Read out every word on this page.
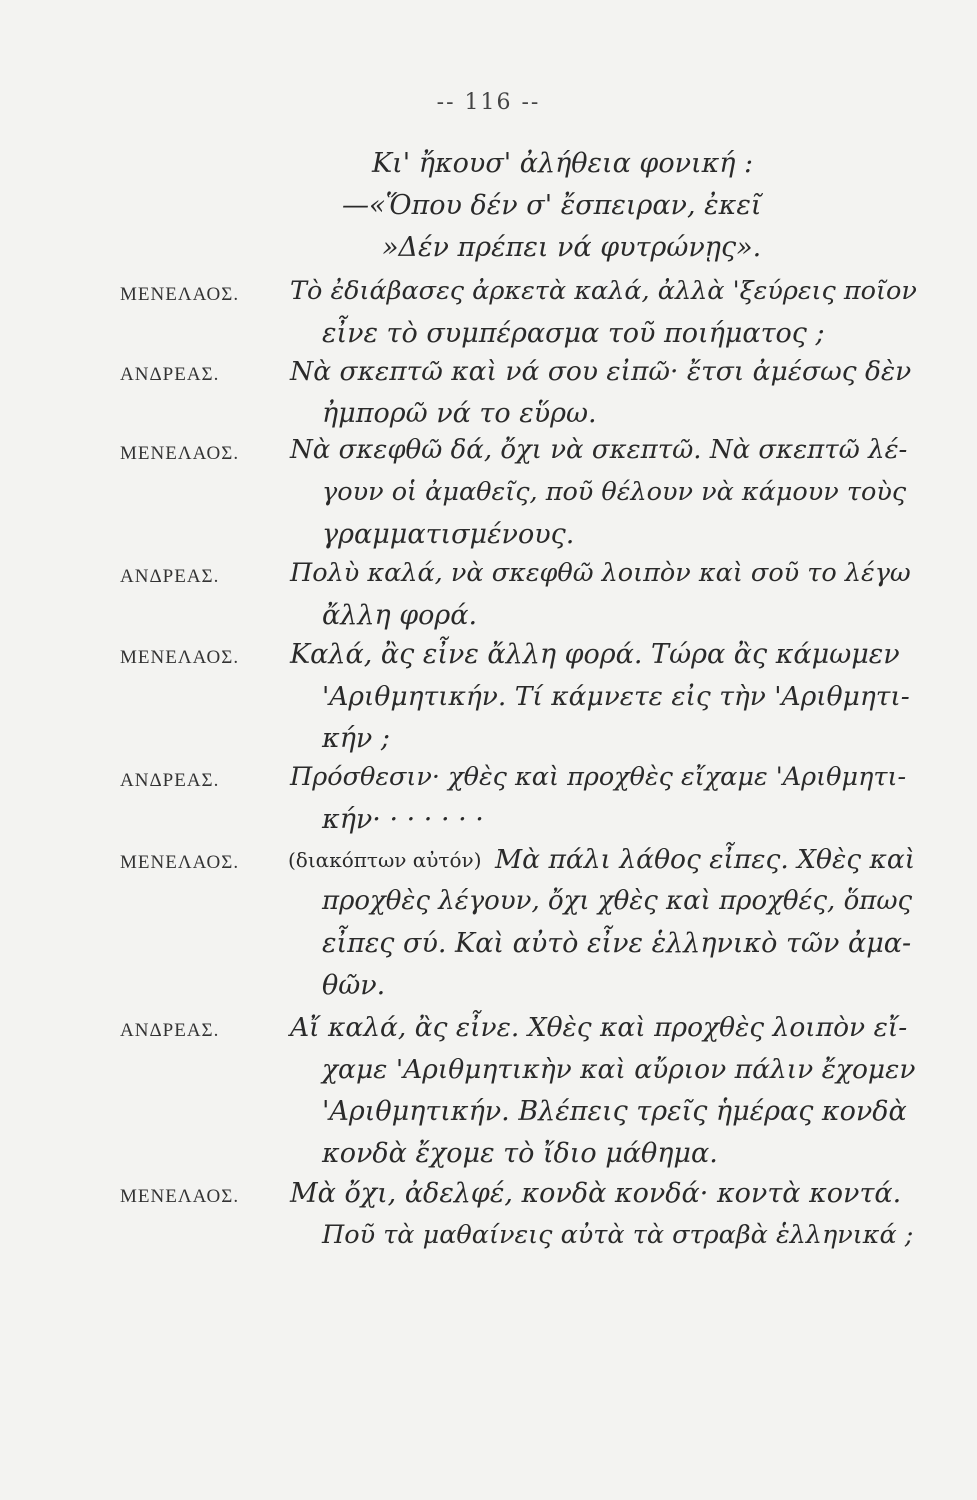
-- 116 --
Κι' ἤκουσ' ἀλήθεια φονική :
—«Ὅπου δέν σ' ἔσπειραν, ἐκεῖ
»Δέν πρέπει νά φυτρώνῃς».
ΜΕΝΕΛΑΟΣ. Τὸ ἐδιάβασες ἀρκετὰ καλά, ἀλλὰ 'ξεύρεις ποῖον
εἶνε τὸ συμπέρασμα τοῦ ποιήματος ;
ΑΝΔΡΕΑΣ.	Νὰ σκεπτῶ καὶ νά σου εἰπῶ· ἔτσι ἀμέσως δὲν
ἠμπορῶ νά το εὕρω.
ΜΕΝΕΛΑΟΣ. Νὰ σκεφθῶ δά, ὄχι νὰ σκεπτῶ. Νὰ σκεπτῶ λέ-
γουν οἱ ἀμαθεῖς, ποῦ θέλουν νὰ κάμουν τοὺς
γραμματισμένους.
ΑΝΔΡΕΑΣ.	Πολὺ καλά, νὰ σκεφθῶ λοιπὸν καὶ σοῦ το λέγω
ἄλλη φορά.
ΜΕΝΕΛΑΟΣ. Καλά, ἂς εἶνε ἄλλη φορά. Τώρα ἂς κάμωμεν
'Αριθμητικήν. Τί κάμνετε εἰς τὴν 'Αριθμητι-
κήν ;
ΑΝΔΡΕΑΣ.	Πρόσθεσιν· χθὲς καὶ προχθὲς εἴχαμε 'Αριθμητι-
κήν· · · · · · ·
ΜΕΝΕΛΑΟΣ. (διακόπτων αὐτόν) Μὰ πάλι λάθος εἶπες. Χθὲς καὶ
προχθὲς λέγουν, ὄχι χθὲς καὶ προχθές, ὅπως
εἶπες σύ. Καὶ αὐτὸ εἶνε ἑλληνικὸ τῶν ἀμα-
θῶν.
ΑΝΔΡΕΑΣ.	Αἴ καλά, ἂς εἶνε. Χθὲς καὶ προχθὲς λοιπὸν εἴ-
χαμε 'Αριθμητικὴν καὶ αὔριον πάλιν ἔχομεν
'Αριθμητικήν. Βλέπεις τρεῖς ἡμέρας κονδὰ
κονδὰ ἔχομε τὸ ἴδιο μάθημα.
ΜΕΝΕΛΑΟΣ. Μὰ ὄχι, ἀδελφέ, κονδὰ κονδά· κοντὰ κοντά.
Ποῦ τὰ μαθαίνεις αὐτὰ τὰ στραβὰ ἑλληνικά ;
